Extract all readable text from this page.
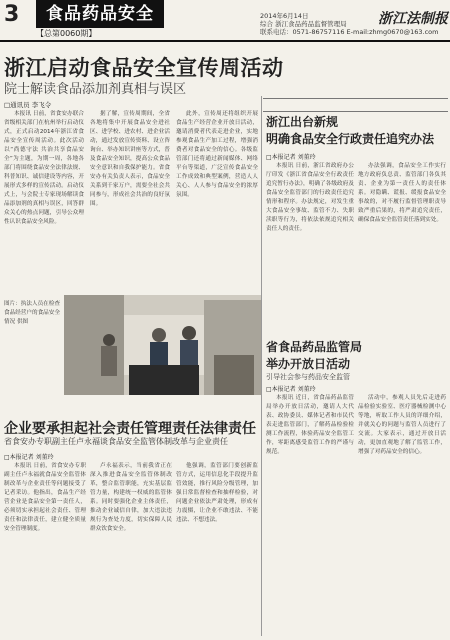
3	食品药品安全
【总第0060期】
2014年6月14日
综合 浙江食品药品监督管理局
联系电话：0571-86757116 E-mail:zhmg0670@163.com
浙江法制报
浙江启动食品安全宣传周活动
院士解读食品添加剂真相与误区
□通讯员 李飞令

本报讯 日前，省食安办联合省级相关部门在杭州举行启动仪式，正式启动2014年浙江省食品安全宣传周活动。此次活动以“尚德守法 共治共享食品安全”为主题，为期一周，各地各部门将围绕食品安全法律法规、科普知识、诚信建设等内容，开展形式多样的宣传活动。启动仪式上，与会院士专家现场解读食品添加剂的真相与误区，回答群众关心的热点问题，引导公众理性认识食品安全风险。

据了解，宣传周期间，全省各地将集中开展食品安全进社区、进学校、进农村、进企业活动，通过发放宣传资料、设立咨询台、举办知识讲座等方式，普及食品安全知识，提高公众食品安全意识和自我保护能力。省食安办有关负责人表示，食品安全关系到千家万户，需要全社会共同参与，形成社会共治的良好氛围。

此外，宣传周还将组织开展食品生产经营企业开放日活动，邀请消费者代表走进企业，实地参观食品生产加工过程，增强消费者对食品安全的信心。各级监管部门还将通过新闻媒体、网络平台等渠道，广泛宣传食品安全工作成效和典型案例，营造人人关心、人人参与食品安全的浓厚氛围。

图片：执法人员在检查食品经营户的食品安全情况 供图
浙江出台新规
明确食品安全行政责任追究办法
□本报记者 刘董玲

本报讯 日前，浙江省政府办公厅印发《浙江省食品安全行政责任追究暂行办法》，明确了各级政府及食品安全监管部门的行政责任追究情形和程序。办法规定，对发生重大食品安全事故、监管不力、失职渎职等行为，将依法依规追究相关责任人的责任。

办法强调，食品安全工作实行地方政府负总责、监管部门各负其责、企业为第一责任人的责任体系。对隐瞒、谎报、缓报食品安全事故的，对不履行监督管理职责导致严重后果的，将严肃追究责任，确保食品安全监管责任落到实处。

省食品药品监管局
举办开放日活动
引导社会参与药品安全监管
□本报记者 刘董玲

本报讯 近日，省食品药品监管局举办开放日活动，邀请人大代表、政协委员、媒体记者和市民代表走进监管部门，了解药品检验检测工作流程，体验药品安全监管工作，零距离感受监管工作的严谨与规范。

活动中，参观人员先后走进药品检验实验室、医疗器械检测中心等地，听取工作人员的详细介绍，并就关心的问题与监管人员进行了交流。大家表示，通过开放日活动，更加直观地了解了监管工作，增强了对药品安全的信心。

企业要承担起社会责任管理责任法律责任
省食安办专职副主任卢永福谈食品安全监管体制改革与企业责任
□本报记者 刘董玲

本报讯 日前，省食安办专职副主任卢永福就食品安全监管体制改革与企业责任等问题接受了记者采访。他指出，食品生产经营企业是食品安全第一责任人，必须切实承担起社会责任、管理责任和法律责任，建立健全质量安全管理制度。

卢永福表示，当前我省正在深入推进食品安全监管体制改革，整合监管职能，充实基层监管力量，构建统一权威的监管体系。同时要强化企业主体责任，推动企业诚信自律，加大违法违规行为查处力度，切实保障人民群众饮食安全。

他强调，监管部门要创新监管方式，运用信息化手段提升监管效能，推行风险分级管理，加强日常监督检查和抽样检验，对问题企业依法严肃处理，形成有力震慑，让企业不敢违法、不能违法、不想违法。
